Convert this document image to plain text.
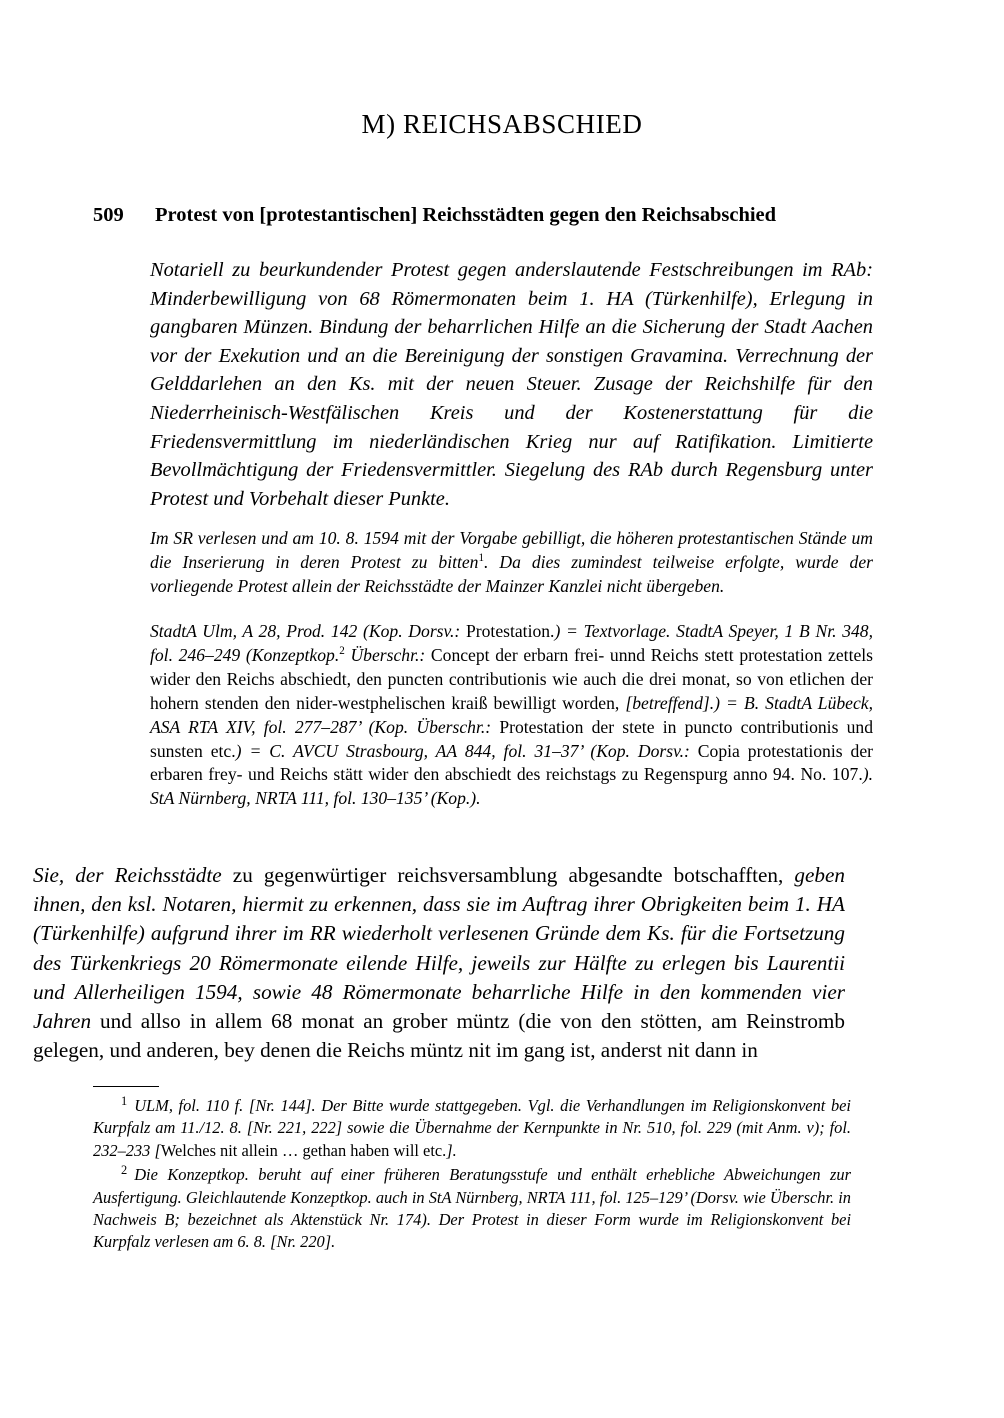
M) REICHSABSCHIED
509	Protest von [protestantischen] Reichsstädten gegen den Reichsabschied
Notariell zu beurkundender Protest gegen anderslautende Festschreibungen im RAb: Minderbewilligung von 68 Römermonaten beim 1. HA (Türkenhilfe), Erlegung in gangbaren Münzen. Bindung der beharrlichen Hilfe an die Sicherung der Stadt Aachen vor der Exekution und an die Bereinigung der sonstigen Gravamina. Verrechnung der Gelddarlehen an den Ks. mit der neuen Steuer. Zusage der Reichshilfe für den Niederrheinisch-Westfälischen Kreis und der Kostenerstattung für die Friedensvermittlung im niederländischen Krieg nur auf Ratifikation. Limitierte Bevollmächtigung der Friedensvermittler. Siegelung des RAb durch Regensburg unter Protest und Vorbehalt dieser Punkte.
Im SR verlesen und am 10. 8. 1594 mit der Vorgabe gebilligt, die höheren protestantischen Stände um die Inserierung in deren Protest zu bitten$^1$. Da dies zumindest teilweise erfolgte, wurde der vorliegende Protest allein der Reichsstädte der Mainzer Kanzlei nicht übergeben.
StadtA Ulm, A 28, Prod. 142 (Kop. Dorsv.: Protestation.) = Textvorlage. StadtA Speyer, 1 B Nr. 348, fol. 246–249 (Konzeptkop.$^2$ Überschr.: Concept der erbarn frei- unnd Reichs stett protestation zettels wider den Reichs abschiedt, den puncten contributionis wie auch die drei monat, so von etlichen der hohern stenden den nider-westphelischen kraiß bewilligt worden, [betreffend].) = B. StadtA Lübeck, ASA RTA XIV, fol. 277–287’ (Kop. Überschr.: Protestation der stete in puncto contributionis und sunsten etc.) = C. AVCU Strasbourg, AA 844, fol. 31–37’ (Kop. Dorsv.: Copia protestationis der erbaren frey- und Reichs stätt wider den abschiedt des reichstags zu Regenspurg anno 94. No. 107.). StA Nürnberg, NRTA 111, fol. 130–135’ (Kop.).
Sie, der Reichsstädte zu gegenwürtiger reichsversamblung abgesandte botschafften, geben ihnen, den ksl. Notaren, hiermit zu erkennen, dass sie im Auftrag ihrer Obrigkeiten beim 1. HA (Türkenhilfe) aufgrund ihrer im RR wiederholt verlesenen Gründe dem Ks. für die Fortsetzung des Türkenkriegs 20 Römermonate eilende Hilfe, jeweils zur Hälfte zu erlegen bis Laurentii und Allerheiligen 1594, sowie 48 Römermonate beharrliche Hilfe in den kommenden vier Jahren und allso in allem 68 monat an grober müntz (die von den stötten, am Reinstromb gelegen, und anderen, bey denen die Reichs müntz nit im gang ist, anderst nit dann in

$^1$ ULM, fol. 110 f. [Nr. 144]. Der Bitte wurde stattgegeben. Vgl. die Verhandlungen im Religionskonvent bei Kurpfalz am 11./12. 8. [Nr. 221, 222] sowie die Übernahme der Kernpunkte in Nr. 510, fol. 229 (mit Anm. v); fol. 232–233 [Welches nit allein … gethan haben will etc.].

$^2$ Die Konzeptkop. beruht auf einer früheren Beratungsstufe und enthält erhebliche Abweichungen zur Ausfertigung. Gleichlautende Konzeptkop. auch in StA Nürnberg, NRTA 111, fol. 125–129’ (Dorsv. wie Überschr. in Nachweis B; bezeichnet als Aktenstück Nr. 174). Der Protest in dieser Form wurde im Religionskonvent bei Kurpfalz verlesen am 6. 8. [Nr. 220].
